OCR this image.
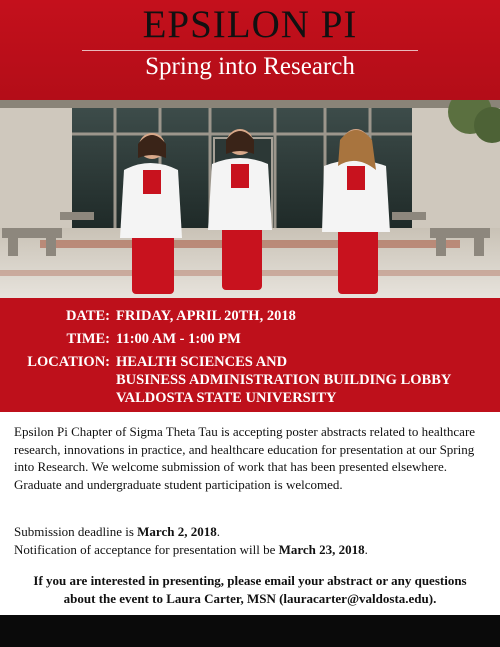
EPSILON PI
Spring into Research
DATE: FRIDAY, APRIL 20TH, 2018
TIME: 11:00 AM - 1:00 PM
LOCATION: HEALTH SCIENCES AND
BUSINESS ADMINISTRATION BUILDING LOBBY
VALDOSTA STATE UNIVERSITY
Epsilon Pi Chapter of Sigma Theta Tau is accepting poster abstracts related to healthcare research, innovations in practice, and healthcare education for presentation at our Spring into Research. We welcome submission of work that has been presented elsewhere. Graduate and undergraduate student participation is welcomed.
Submission deadline is March 2, 2018.
Notification of acceptance for presentation will be March 23, 2018.
If you are interested in presenting, please email your abstract or any questions
about the event to Laura Carter, MSN (lauracarter@valdosta.edu).
